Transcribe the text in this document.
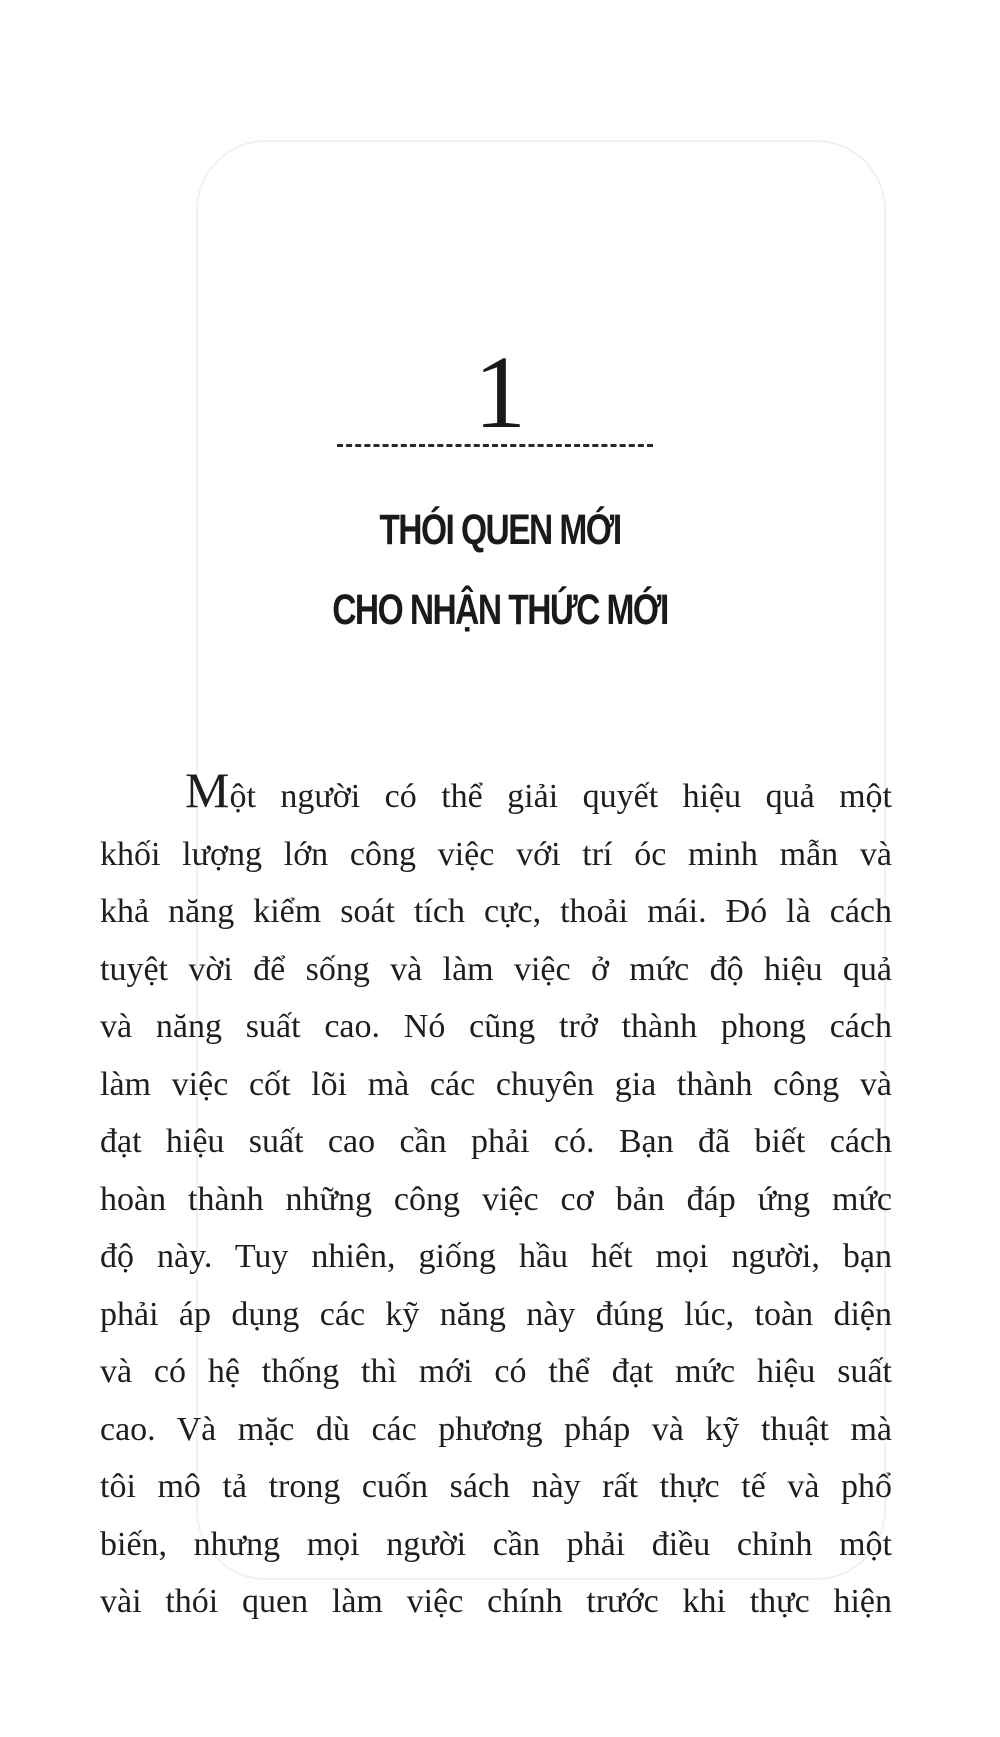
1
THÓI QUEN MỚI
CHO NHẬN THỨC MỚI
Một người có thể giải quyết hiệu quả một
khối lượng lớn công việc với trí óc minh mẫn và
khả năng kiểm soát tích cực, thoải mái. Đó là cách
tuyệt vời để sống và làm việc ở mức độ hiệu quả
và năng suất cao. Nó cũng trở thành phong cách
làm việc cốt lõi mà các chuyên gia thành công và
đạt hiệu suất cao cần phải có. Bạn đã biết cách
hoàn thành những công việc cơ bản đáp ứng mức
độ này. Tuy nhiên, giống hầu hết mọi người, bạn
phải áp dụng các kỹ năng này đúng lúc, toàn diện
và có hệ thống thì mới có thể đạt mức hiệu suất
cao. Và mặc dù các phương pháp và kỹ thuật mà
tôi mô tả trong cuốn sách này rất thực tế và phổ
biến, nhưng mọi người cần phải điều chỉnh một
vài thói quen làm việc chính trước khi thực hiện
